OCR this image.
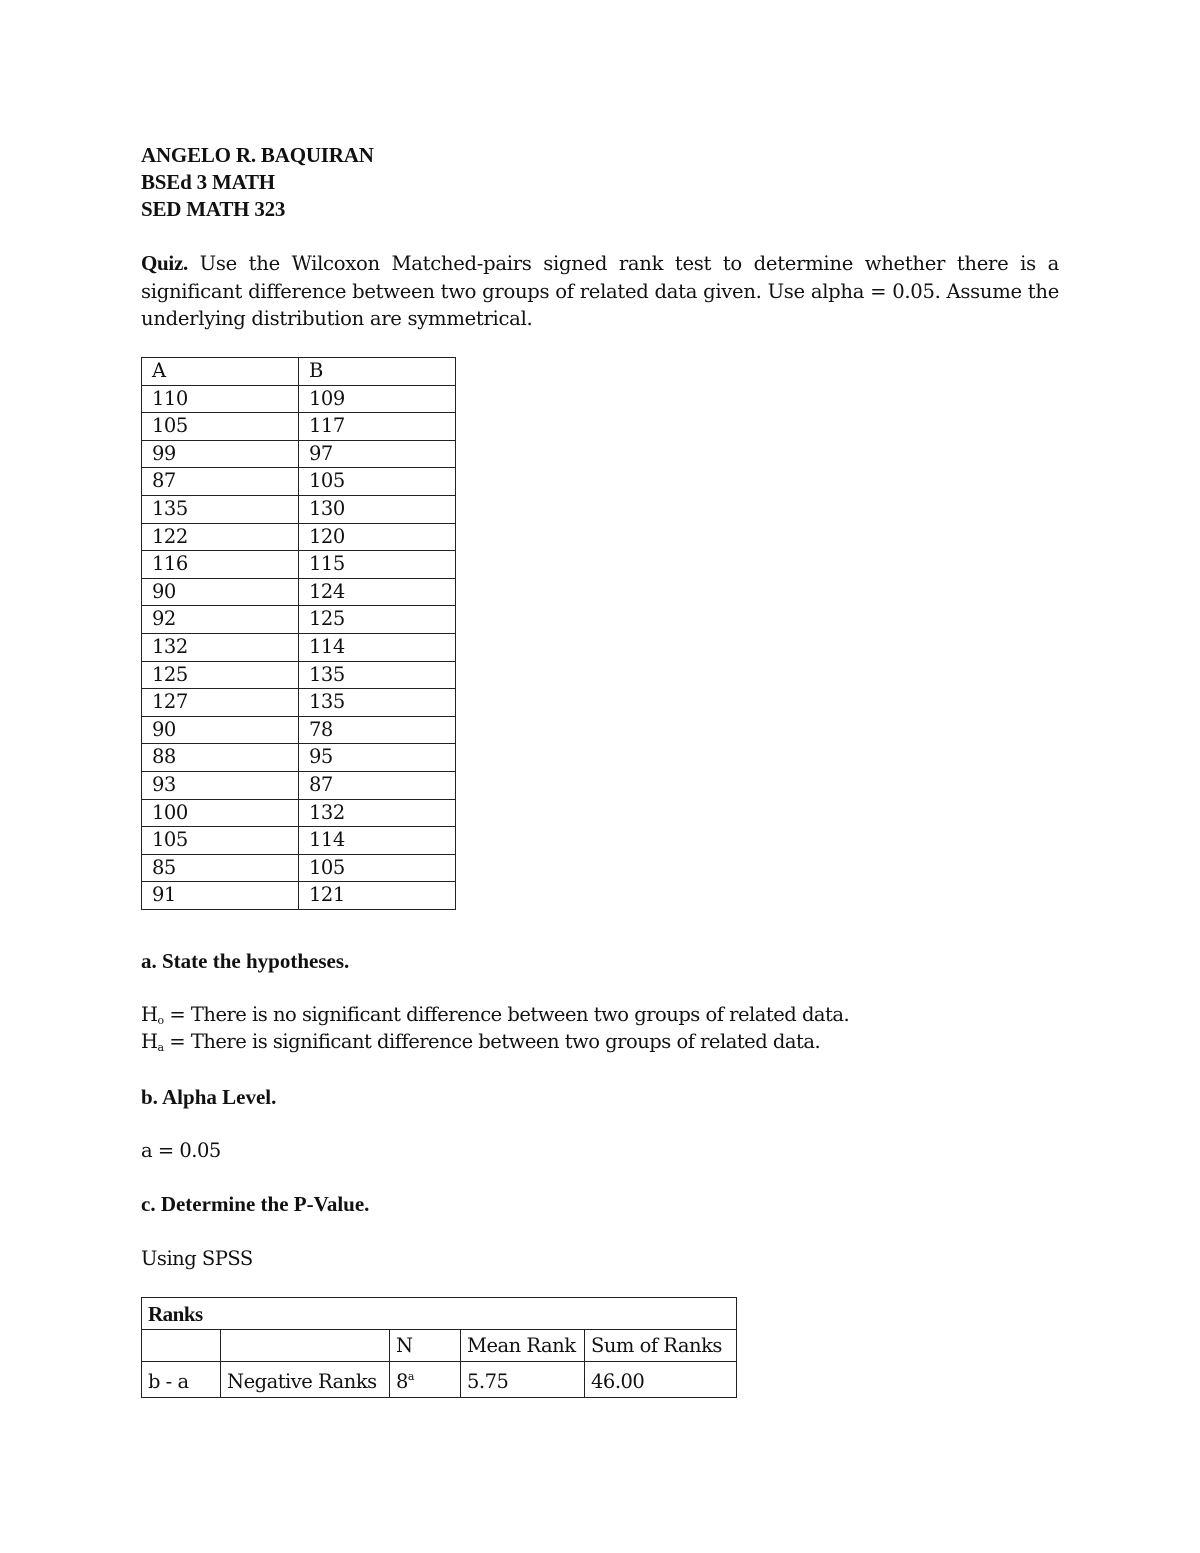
ANGELO R. BAQUIRAN
BSEd 3 MATH
SED MATH 323
Quiz. Use the Wilcoxon Matched-pairs signed rank test to determine whether there is a significant difference between two groups of related data given. Use alpha = 0.05. Assume the underlying distribution are symmetrical.
A	B
110	109
105	117
99	97
87	105
135	130
122	120
116	115
90	124
92	125
132	114
125	135
127	135
90	78
88	95
93	87
100	132
105	114
85	105
91	121
a. State the hypotheses.
$H_o$ = There is no significant difference between two groups of related data.
$H_a$ = There is significant difference between two groups of related data.
b. Alpha Level.
a = 0.05
c. Determine the P-Value.
Using SPSS
Ranks				
		N	Mean Rank	Sum of Ranks
b - a	Negative Ranks	8$^a$	5.75	46.00
